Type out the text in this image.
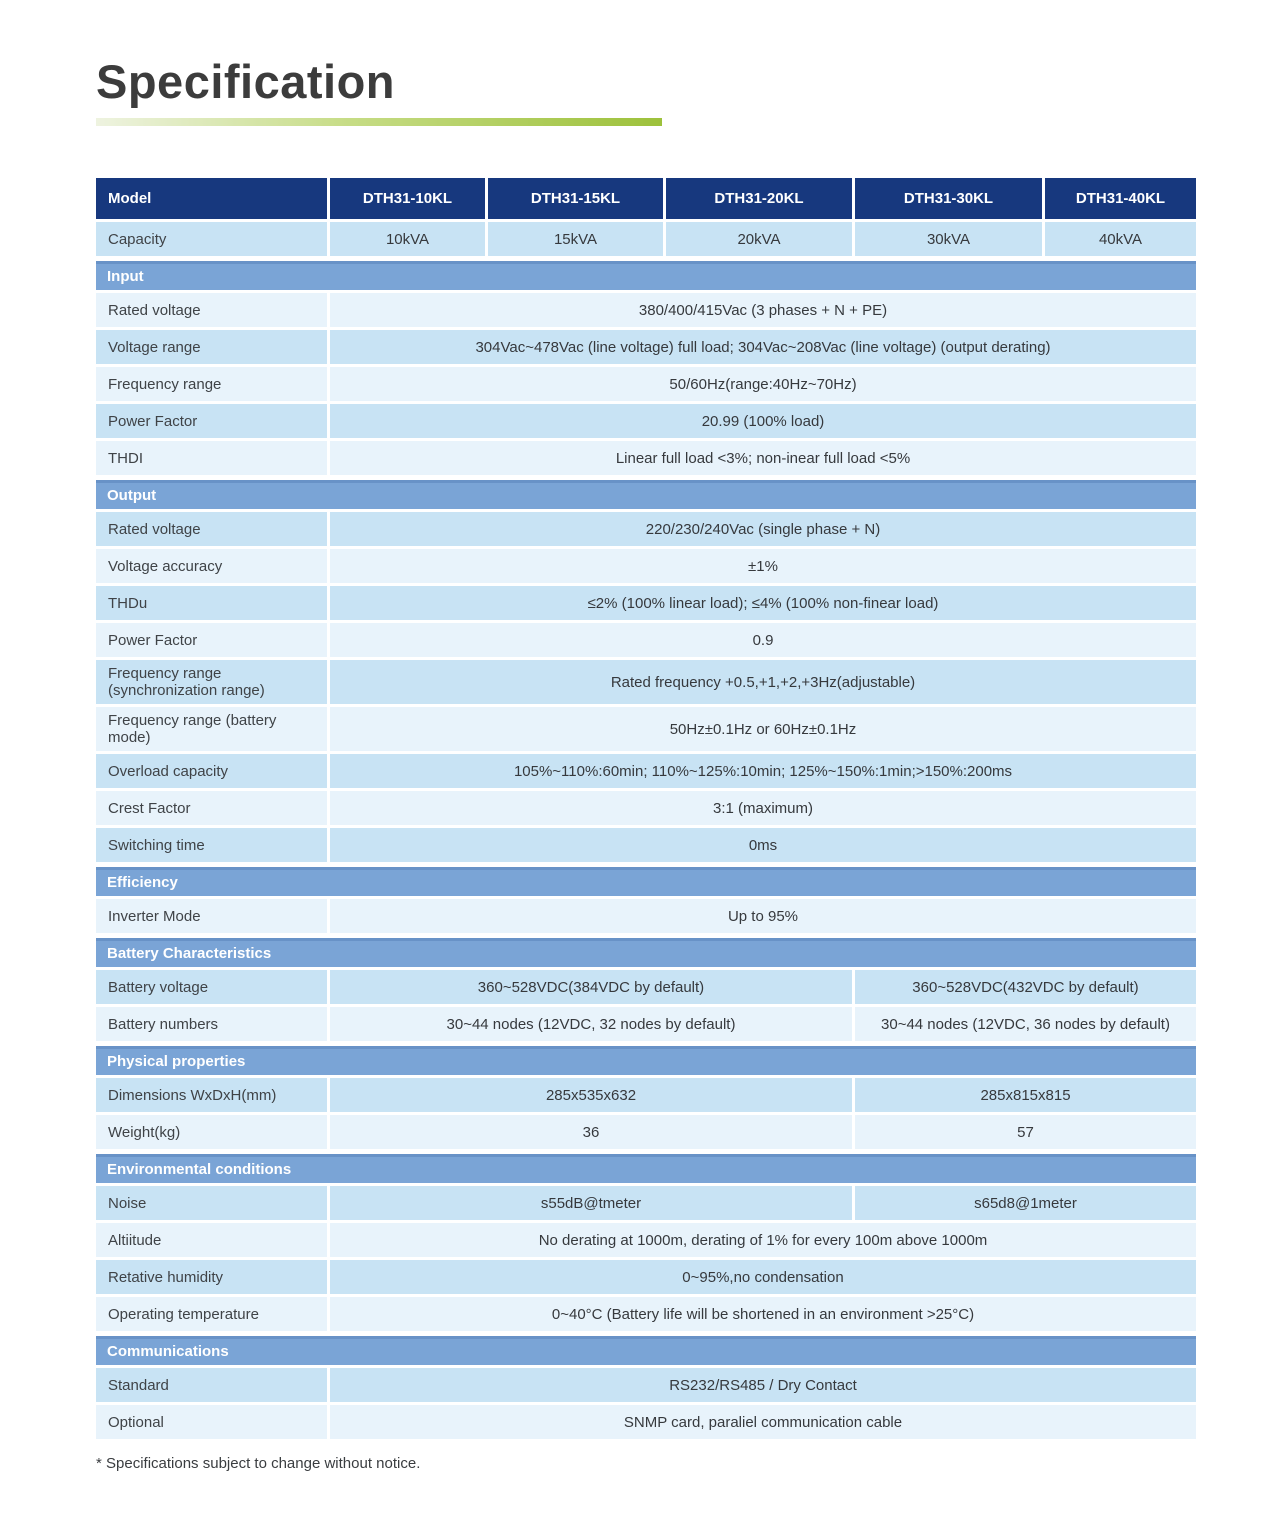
Specification
Model	DTH31-10KL	DTH31-15KL	DTH31-20KL	DTH31-30KL	DTH31-40KL
Capacity	10kVA	15kVA	20kVA	30kVA	40kVA
Input
Rated voltage	380/400/415Vac (3 phases + N + PE)
Voltage range	304Vac~478Vac (line voltage) full load; 304Vac~208Vac (line voltage) (output derating)
Frequency range	50/60Hz(range:40Hz~70Hz)
Power Factor	20.99 (100% load)
THDI	Linear full load <3%; non-inear full load <5%
Output
Rated voltage	220/230/240Vac (single phase + N)
Voltage accuracy	±1%
THDu	≤2% (100% linear load); ≤4% (100% non-finear load)
Power Factor	0.9
Frequency range (synchronization range)	Rated frequency +0.5,+1,+2,+3Hz(adjustable)
Frequency range (battery mode)	50Hz±0.1Hz or 60Hz±0.1Hz
Overload capacity	105%~110%:60min; 110%~125%:10min; 125%~150%:1min;>150%:200ms
Crest Factor	3:1 (maximum)
Switching time	0ms
Efficiency
Inverter Mode	Up to 95%
Battery Characteristics
Battery voltage	360~528VDC(384VDC by default)	360~528VDC(432VDC by default)
Battery numbers	30~44 nodes (12VDC, 32 nodes by default)	30~44 nodes (12VDC, 36 nodes by default)
Physical properties
Dimensions WxDxH(mm)	285x535x632	285x815x815
Weight(kg)	36	57
Environmental conditions
Noise	s55dB@tmeter	s65d8@1meter
Altiitude	No derating at 1000m, derating of 1% for every 100m above 1000m
Retative humidity	0~95%,no condensation
Operating temperature	0~40°C (Battery life will be shortened in an environment >25°C)
Communications
Standard	RS232/RS485 / Dry Contact
Optional	SNMP card, paraliel communication cable
* Specifications subject to change without notice.
